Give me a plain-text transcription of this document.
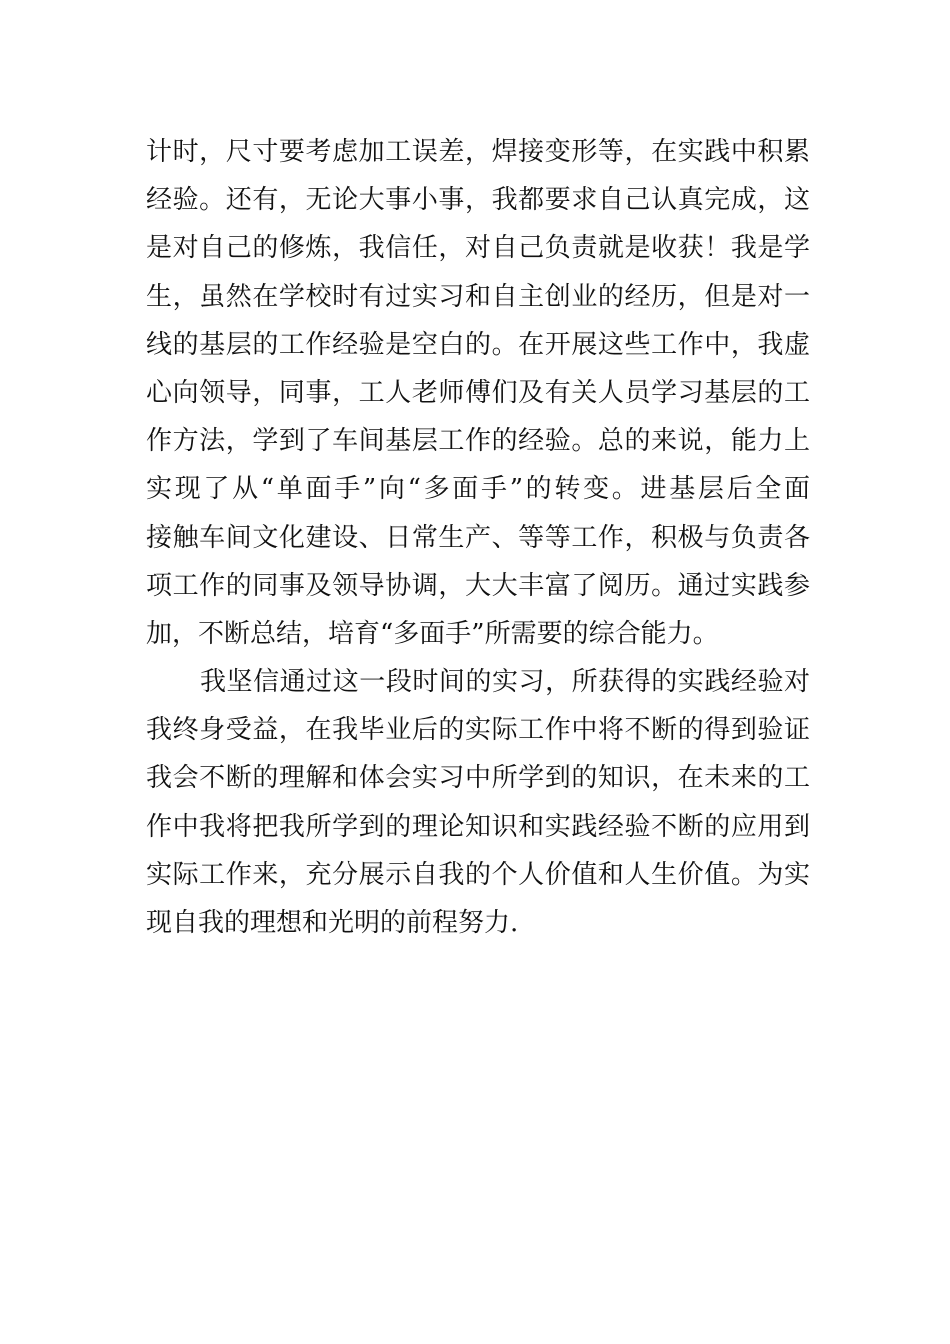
计时，尺寸要考虑加工误差，焊接变形等，在实践中积累
经验。还有，无论大事小事，我都要求自己认真完成，这
是对自己的修炼，我信任，对自己负责就是收获！我是学
生，虽然在学校时有过实习和自主创业的经历，但是对一
线的基层的工作经验是空白的。在开展这些工作中，我虚
心向领导，同事，工人老师傅们及有关人员学习基层的工
作方法，学到了车间基层工作的经验。总的来说，能力上
实现了从“单面手”向“多面手”的转变。进基层后全面
接触车间文化建设、日常生产、等等工作，积极与负责各
项工作的同事及领导协调，大大丰富了阅历。通过实践参
加，不断总结，培育“多面手”所需要的综合能力。
我坚信通过这一段时间的实习，所获得的实践经验对
我终身受益，在我毕业后的实际工作中将不断的得到验证
我会不断的理解和体会实习中所学到的知识，在未来的工
作中我将把我所学到的理论知识和实践经验不断的应用到
实际工作来，充分展示自我的个人价值和人生价值。为实
现自我的理想和光明的前程努力.
